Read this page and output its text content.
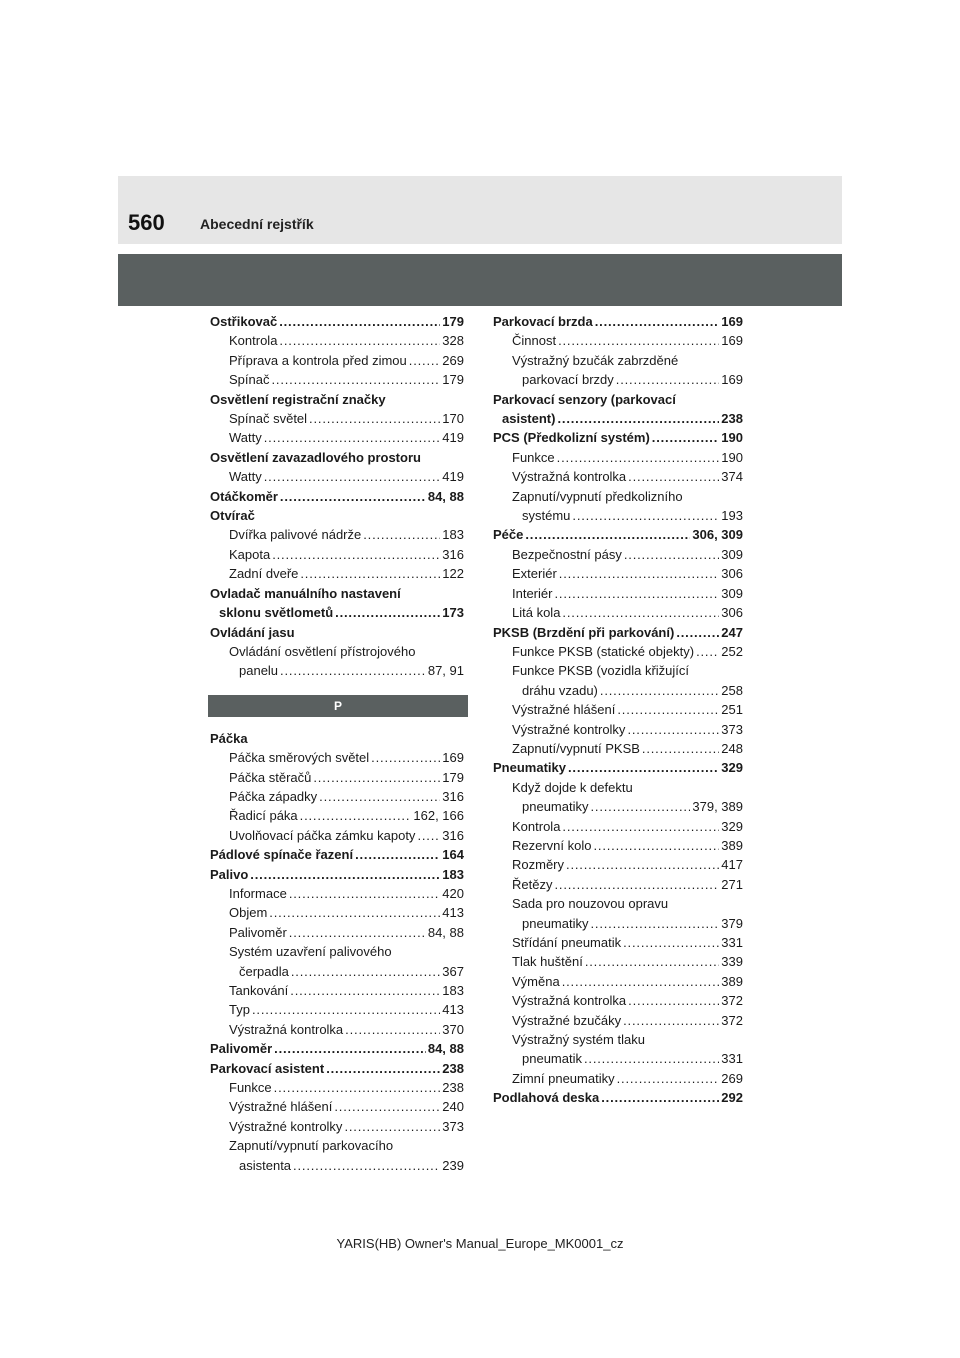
560	Abecední rejstřík
Ostřikovač . . .	179
Kontrola . . .	328
Příprava a kontrola před zimou . . .	269
Spínač . . .	179
Osvětlení registrační značky
Spínač světel . . .	170
Watty . . .	419
Osvětlení zavazadlového prostoru
Watty . . .	419
Otáčkoměr . . .	84, 88
Otvírač
Dvířka palivové nádrže . . .	183
Kapota . . .	316
Zadní dveře . . .	122
Ovladač manuálního nastavení
sklonu světlometů . . .	173
Ovládání jasu
Ovládání osvětlení přístrojového
panelu . . .	87, 91
P
Páčka
Páčka směrových světel . . .	169
Páčka stěračů . . .	179
Páčka západky . . .	316
Řadicí páka . . .	162, 166
Uvolňovací páčka zámku kapoty . . . 316
Pádlové spínače řazení . . .	164
Palivo . . .	183
Informace . . .	420
Objem . . .	413
Palivoměr . . .	84, 88
Systém uzavření palivového
čerpadla . . .	367
Tankování . . .	183
Typ . . .	413
Výstražná kontrolka . . .	370
Palivoměr . . .	84, 88
Parkovací asistent . . .	238
Funkce . . .	238
Výstražné hlášení . . .	240
Výstražné kontrolky . . .	373
Zapnutí/vypnutí parkovacího
asistenta . . .	239
Parkovací brzda . . .	169
Činnost . . .	169
Výstražný bzučák zabrzděné
parkovací brzdy . . .	169
Parkovací senzory (parkovací
asistent) . . .	238
PCS (Předkolizní systém) . . .	190
Funkce . . .	190
Výstražná kontrolka . . .	374
Zapnutí/vypnutí předkolizního
systému . . .	193
Péče . . .	306, 309
Bezpečnostní pásy . . .	309
Exteriér . . .	306
Interiér . . .	309
Litá kola . . .	306
PKSB (Brzdění při parkování) . . .	247
Funkce PKSB (statické objekty) . . . 252
Funkce PKSB (vozidla křižující
dráhu vzadu) . . .	258
Výstražné hlášení . . .	251
Výstražné kontrolky . . .	373
Zapnutí/vypnutí PKSB . . .	248
Pneumatiky . . .	329
Když dojde k defektu
pneumatiky . . .	379, 389
Kontrola . . .	329
Rezervní kolo . . .	389
Rozměry . . .	417
Řetězy . . .	271
Sada pro nouzovou opravu
pneumatiky . . .	379
Střídání pneumatik . . .	331
Tlak huštění . . .	339
Výměna . . .	389
Výstražná kontrolka . . .	372
Výstražné bzučáky . . .	372
Výstražný systém tlaku
pneumatik . . .	331
Zimní pneumatiky . . .	269
Podlahová deska . . .	292
YARIS(HB) Owner's Manual_Europe_MK0001_cz
